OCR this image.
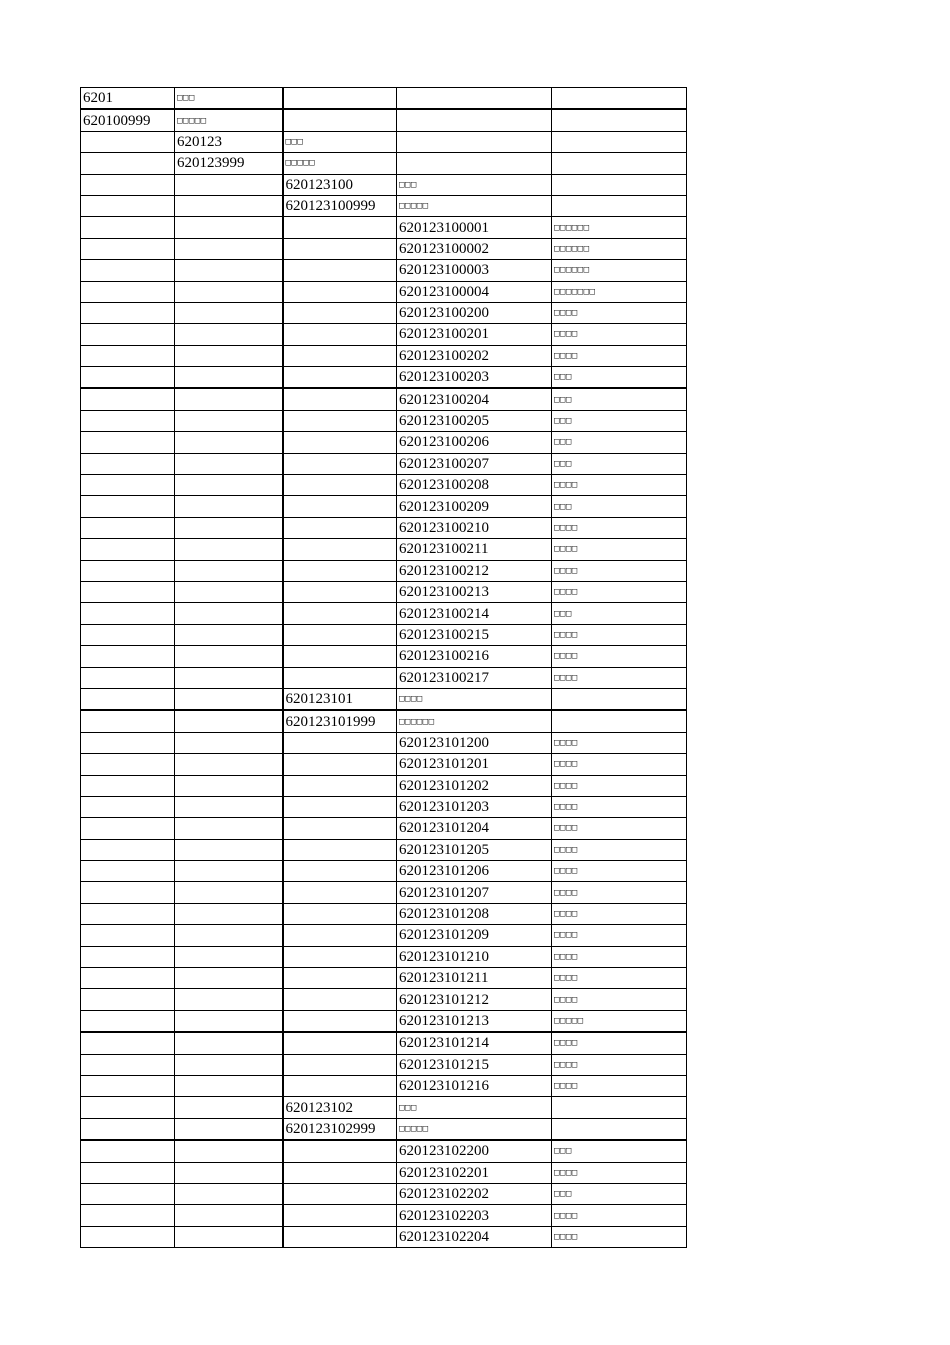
6201	□□□			
620100999	□□□□□			
	620123	□□□		
	620123999	□□□□□		
		620123100	□□□	
		620123100999	□□□□□	
			620123100001	□□□□□□
			620123100002	□□□□□□
			620123100003	□□□□□□
			620123100004	□□□□□□□
			620123100200	□□□□
			620123100201	□□□□
			620123100202	□□□□
			620123100203	□□□
			620123100204	□□□
			620123100205	□□□
			620123100206	□□□
			620123100207	□□□
			620123100208	□□□□
			620123100209	□□□
			620123100210	□□□□
			620123100211	□□□□
			620123100212	□□□□
			620123100213	□□□□
			620123100214	□□□
			620123100215	□□□□
			620123100216	□□□□
			620123100217	□□□□
		620123101	□□□□	
		620123101999	□□□□□□	
			620123101200	□□□□
			620123101201	□□□□
			620123101202	□□□□
			620123101203	□□□□
			620123101204	□□□□
			620123101205	□□□□
			620123101206	□□□□
			620123101207	□□□□
			620123101208	□□□□
			620123101209	□□□□
			620123101210	□□□□
			620123101211	□□□□
			620123101212	□□□□
			620123101213	□□□□□
			620123101214	□□□□
			620123101215	□□□□
			620123101216	□□□□
		620123102	□□□	
		620123102999	□□□□□	
			620123102200	□□□
			620123102201	□□□□
			620123102202	□□□
			620123102203	□□□□
			620123102204	□□□□
